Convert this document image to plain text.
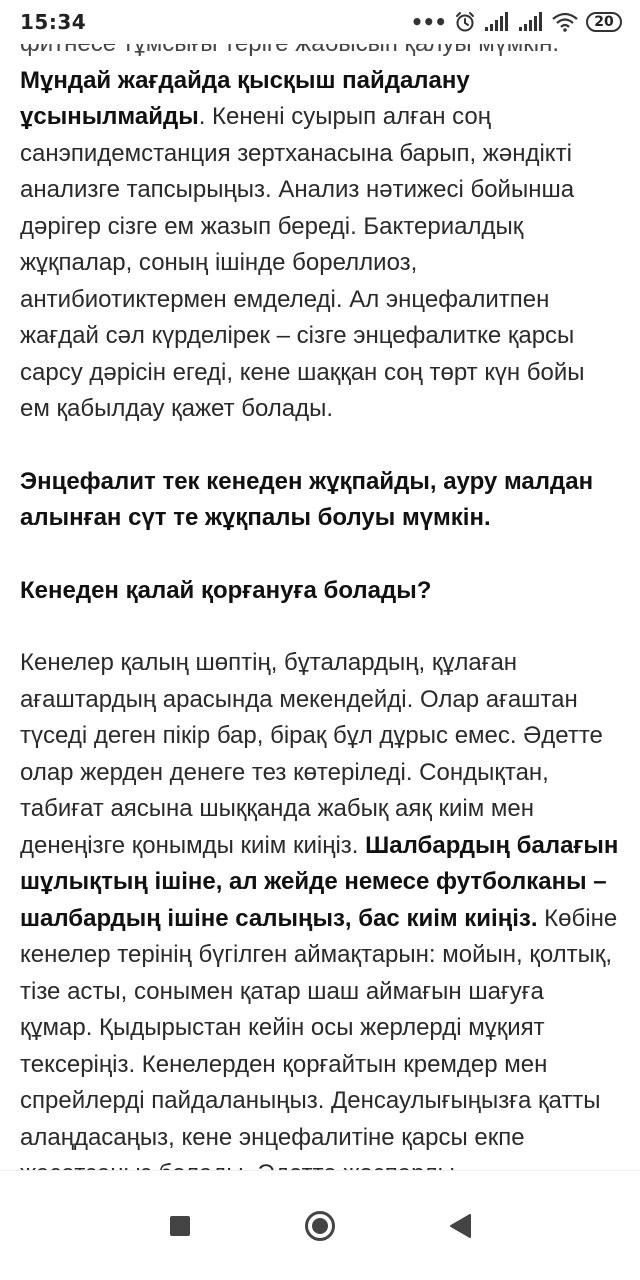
15:34	•••	20

Мұндай жағдайда қысқыш пайдалану ұсынылмайды. Кенені суырып алған соң санэпидемстанция зертханасына барып, жәндікті анализге тапсырыңыз. Анализ нәтижесі бойынша дәрігер сізге ем жазып береді. Бактериалдық жұқпалар, соның ішінде бореллиоз, антибиотиктермен емделеді. Ал энцефалитпен жағдай сәл күрделірек – сізге энцефалитке қарсы сарсу дәрісін егеді, кене шаққан соң төрт күн бойы ем қабылдау қажет болады.

Энцефалит тек кенеден жұқпайды, ауру малдан алынған сүт те жұқпалы болуы мүмкін.

Кенеден қалай қорғануға болады?

Кенелер қалың шөптің, бұталардың, құлаған ағаштардың арасында мекендейді. Олар ағаштан түседі деген пікір бар, бірақ бұл дұрыс емес. Әдетте олар жерден денеге тез көтеріледі. Сондықтан, табиғат аясына шыққанда жабық аяқ киім мен денеңізге қонымды киім киіңіз. Шалбардың балағын шұлықтың ішіне, ал жейде немесе футболканы – шалбардың ішіне салыңыз, бас киім киіңіз. Көбіне кенелер терінің бүгілген аймақтарын: мойын, қолтық, тізе асты, сонымен қатар шаш аймағын шағуға құмар. Қыдырыстан кейін осы жерлерді мұқият тексеріңіз. Кенелерден қорғайтын кремдер мен спрейлерді пайдаланыңыз. Денсаулығыңызға қатты алаңдасаңыз, кене энцефалитіне қарсы екпе
